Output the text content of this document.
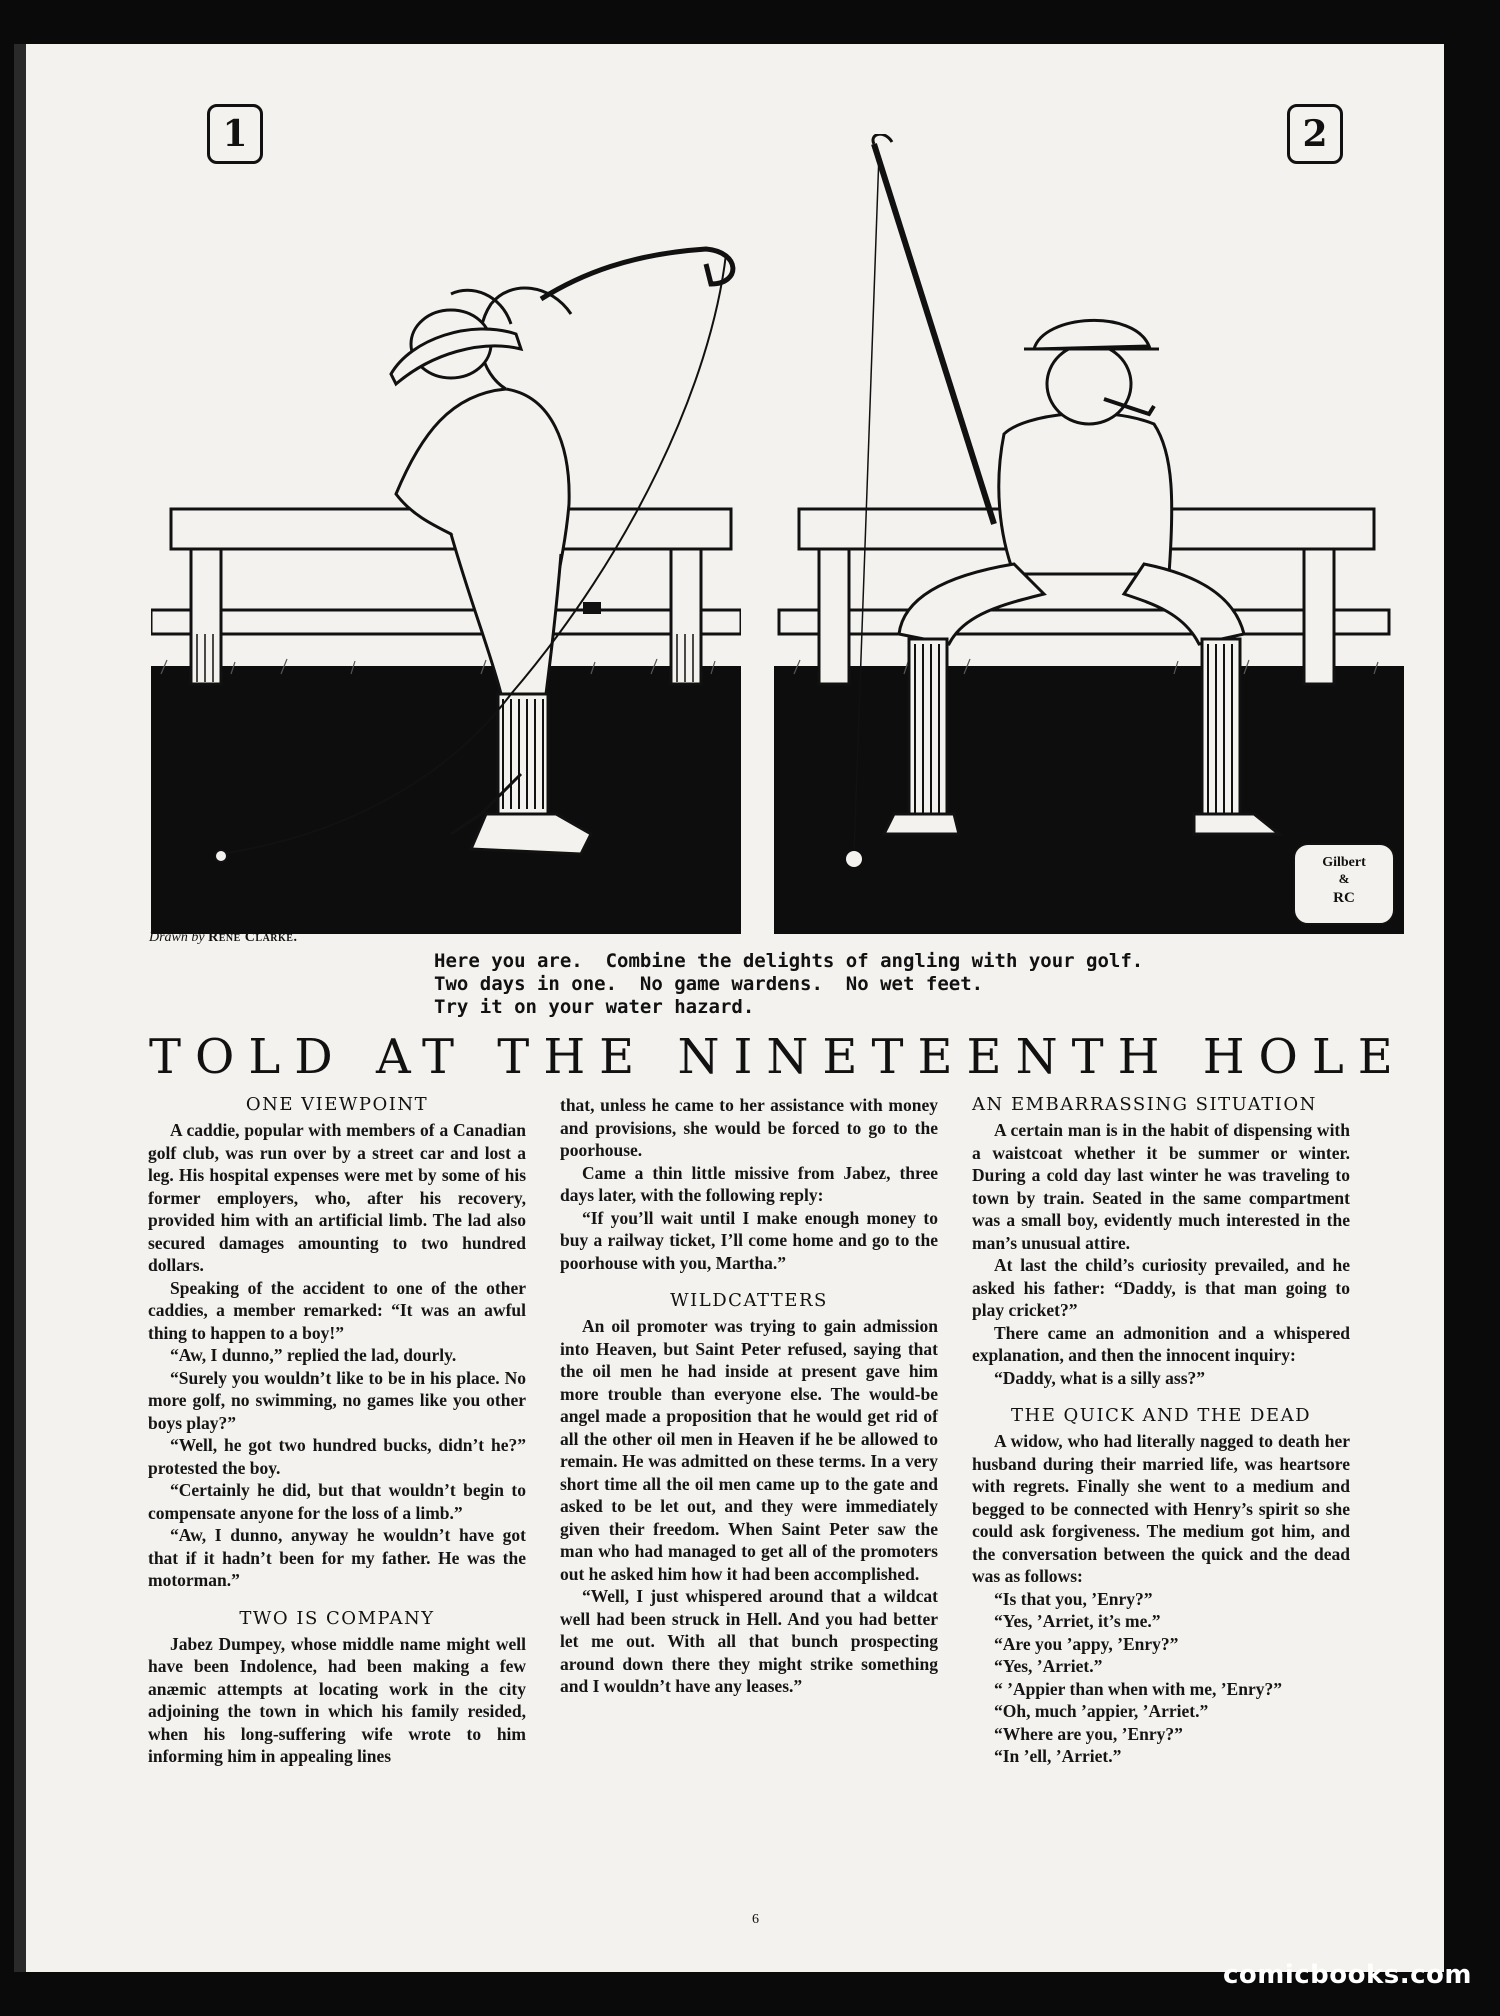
1	2
Gilbert
&
RC
Drawn by Rene Clarke.
Here you are.  Combine the delights of angling with your golf.
Two days in one.  No game wardens.  No wet feet.
Try it on your water hazard.
TOLD AT THE NINETEENTH HOLE
ONE VIEWPOINT

A caddie, popular with members of a Canadian golf club, was run over by a street car and lost a leg. His hospital expenses were met by some of his former employers, who, after his recovery, provided him with an artificial limb. The lad also secured damages amounting to two hundred dollars.

Speaking of the accident to one of the other caddies, a member remarked: “It was an awful thing to happen to a boy!”

“Aw, I dunno,” replied the lad, dourly.

“Surely you wouldn’t like to be in his place. No more golf, no swimming, no games like you other boys play?”

“Well, he got two hundred bucks, didn’t he?” protested the boy.

“Certainly he did, but that wouldn’t begin to compensate anyone for the loss of a limb.”

“Aw, I dunno, anyway he wouldn’t have got that if it hadn’t been for my father. He was the motorman.”

TWO IS COMPANY

Jabez Dumpey, whose middle name might well have been Indolence, had been making a few anæmic attempts at locating work in the city adjoining the town in which his family resided, when his long-suffering wife wrote to him informing him in appealing lines

that, unless he came to her assistance with money and provisions, she would be forced to go to the poorhouse.

Came a thin little missive from Jabez, three days later, with the following reply:

“If you’ll wait until I make enough money to buy a railway ticket, I’ll come home and go to the poorhouse with you, Martha.”

WILDCATTERS

An oil promoter was trying to gain admission into Heaven, but Saint Peter refused, saying that the oil men he had inside at present gave him more trouble than everyone else. The would-be angel made a proposition that he would get rid of all the other oil men in Heaven if he be allowed to remain. He was admitted on these terms. In a very short time all the oil men came up to the gate and asked to be let out, and they were immediately given their freedom. When Saint Peter saw the man who had managed to get all of the promoters out he asked him how it had been accomplished.

“Well, I just whispered around that a wildcat well had been struck in Hell. And you had better let me out. With all that bunch prospecting around down there they might strike something and I wouldn’t have any leases.”

AN EMBARRASSING SITUATION

A certain man is in the habit of dispensing with a waistcoat whether it be summer or winter. During a cold day last winter he was traveling to town by train. Seated in the same compartment was a small boy, evidently much interested in the man’s unusual attire.

At last the child’s curiosity prevailed, and he asked his father: “Daddy, is that man going to play cricket?”

There came an admonition and a whispered explanation, and then the innocent inquiry:

“Daddy, what is a silly ass?”

THE QUICK AND THE DEAD

A widow, who had literally nagged to death her husband during their married life, was heartsore with regrets. Finally she went to a medium and begged to be connected with Henry’s spirit so she could ask forgiveness. The medium got him, and the conversation between the quick and the dead was as follows:

“Is that you, ’Enry?”

“Yes, ’Arriet, it’s me.”

“Are you ’appy, ’Enry?”

“Yes, ’Arriet.”

“ ’Appier than when with me, ’Enry?”

“Oh, much ’appier, ’Arriet.”

“Where are you, ’Enry?”

“In ’ell, ’Arriet.”

6
comicbooks.com
